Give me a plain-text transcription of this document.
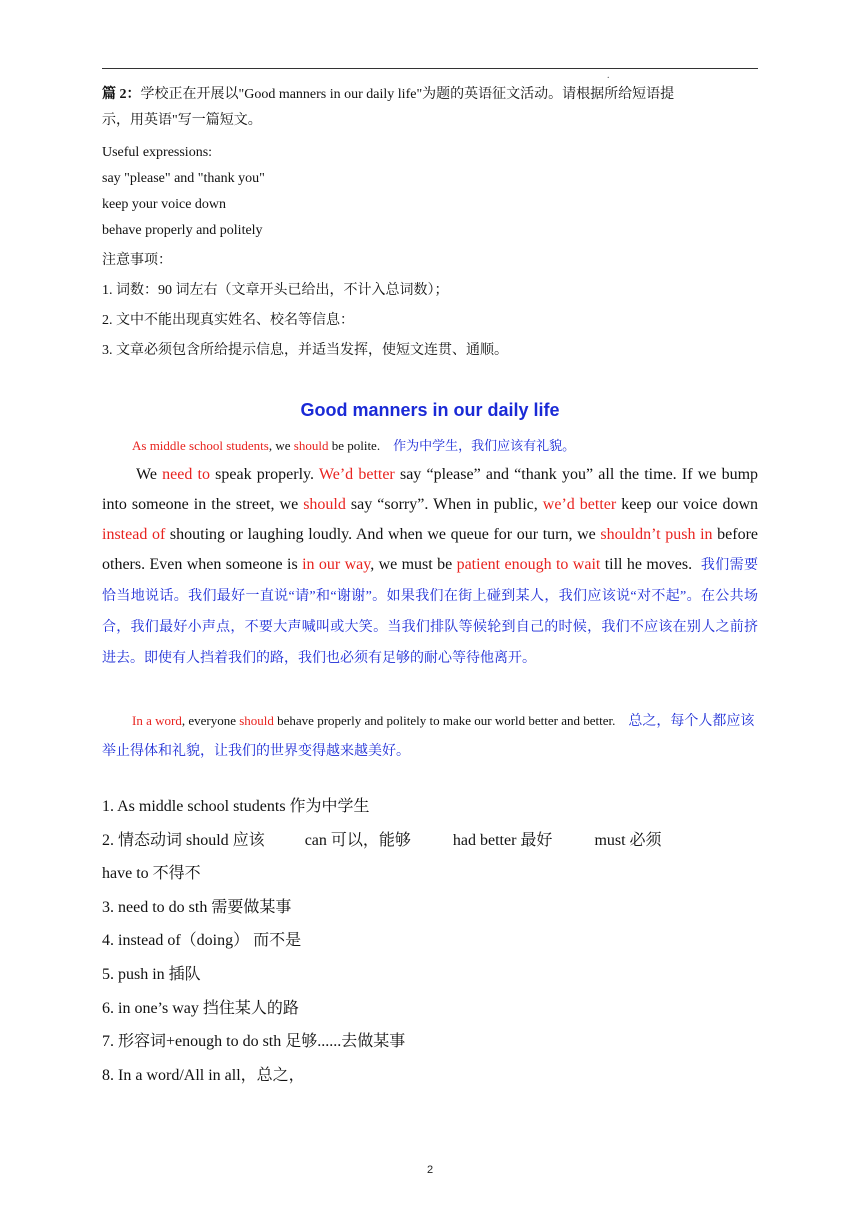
.

篇 2：学校正在开展以"Good manners in our daily life"为题的英语征文活动。请根据所给短语提

示，用英语"写一篇短文。

Useful expressions:

say "please" and "thank you"

keep your voice down

behave properly and politely

注意事项：

1. 词数：90 词左右（文章开头已给出，不计入总词数）；

2. 文中不能出现真实姓名、校名等信息：

3. 文章必须包含所给提示信息，并适当发挥，使短文连贯、通顺。

Good manners in our daily life

As middle school students, we should be polite. 作为中学生，我们应该有礼貌。

We need to speak properly. We’d better say “please” and “thank you” all the time. If we bump into someone in the street, we should say “sorry”. When in public, we’d better keep our voice down instead of shouting or laughing loudly. And when we queue for our turn, we shouldn’t push in before others. Even when someone is in our way, we must be patient enough to wait till he moves. 我们需要恰当地说话。我们最好一直说“请”和“谢谢”。如果我们在街上碰到某人，我们应该说“对不起”。在公共场合，我们最好小声点，不要大声喊叫或大笑。当我们排队等候轮到自己的时候，我们不应该在别人之前挤进去。即使有人挡着我们的路，我们也必须有足够的耐心等待他离开。

In a word, everyone should behave properly and politely to make our world better and better. 总之，每个人都应该举止得体和礼貌，让我们的世界变得越来越美好。

1. As middle school students 作为中学生
2. 情态动词 should 应该	can 可以，能够	had better 最好	must 必须
have to 不得不
3. need to do sth 需要做某事
4. instead of（doing） 而不是
5. push in 插队
6. in one’s way 挡住某人的路
7. 形容词+enough to do sth 足够......去做某事
8. In a word/All in all，总之，
2
